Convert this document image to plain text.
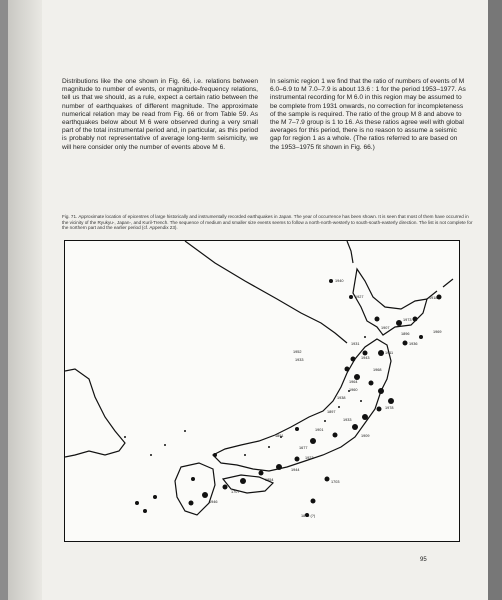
Distributions like the one shown in Fig. 66, i.e. relations between magnitude to number of events, or magnitude-frequency relations, tell us that we should, as a rule, expect a certain ratio between the number of earthquakes of different magnitude. The approximate numerical relation may be read from Fig. 66 or from Table 59. As earthquakes below about M 6 were observed during a very small part of the total instrumental period and, in particular, as this period is probably not representative of average long-term seismicity, we will here consider only the number of events above M 6.
In seismic region 1 we find that the ratio of numbers of events of M 6.0–6.9 to M 7.0–7.9 is about 13.6 : 1 for the period 1953–1977. As instrumental recording for M 6.0 in this region may be assumed to be complete from 1931 onwards, no correction for incompleteness of the sample is required. The ratio of the group M 8 and above to the M 7–7.9 group is 1 to 16. As these ratios agree well with global averages for this period, there is no reason to assume a seismic gap for region 1 as a whole. (The ratios referred to are based on the 1953–1975 fit shown in Fig. 66.)
Fig. 71. Approximate location of epicentres of large historically and instrumentally recorded earthquakes in Japan. The year of occurrence has been shown. It is seen that most of them have occurred in the vicinity of the Ryukyu-, Japan-, and Kuril-Trench. The sequence of medium and smaller size events seems to follow a north-north-westerly to south-south-easterly direction. The list is not complete for the northern part and the earlier period (cf. Appendix 23).
1940
1927	1918
1973
1907
1969
1896
1936
1952
1933
1931
1943
1911
1968
1964
1897
1978
1960
1938
1933
1891
1677
1901
1923
1909
1703
1854
1707
1946
1944
1872 (?)
95
